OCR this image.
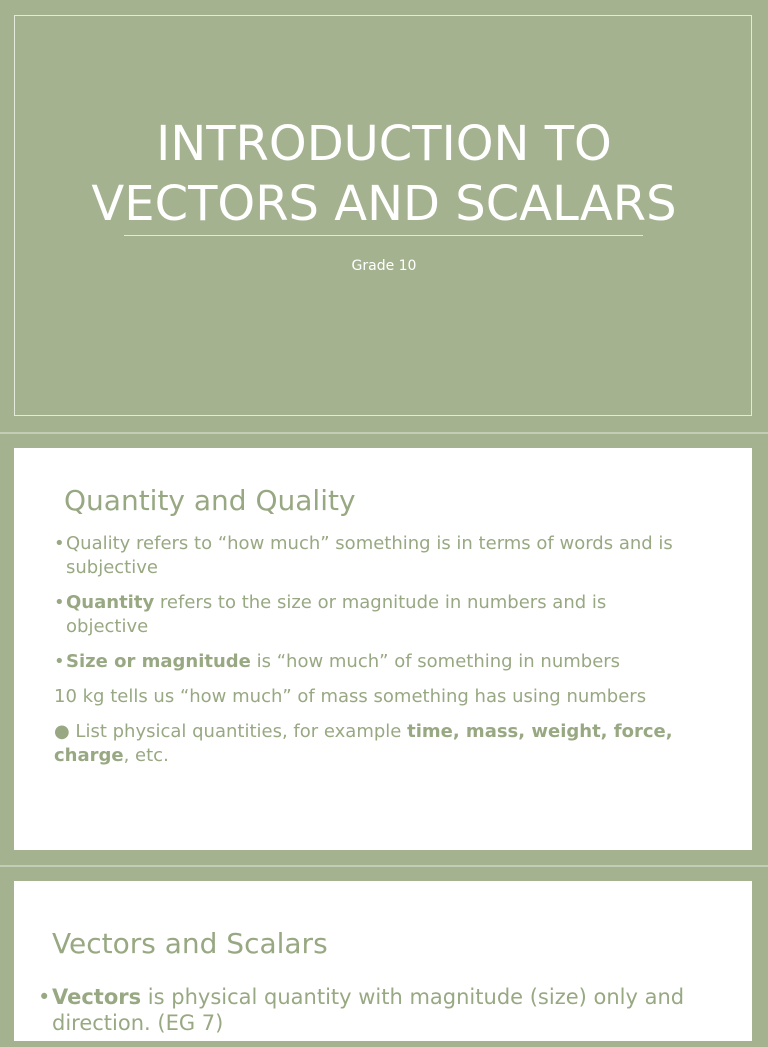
INTRODUCTION TO
VECTORS AND SCALARS
Grade 10
Quantity and Quality
• Quality refers to “how much” something is in terms of words and is subjective
• Quantity refers to the size or magnitude in numbers and is objective
• Size or magnitude is “how much” of something in numbers
10 kg tells us “how much” of mass something has using numbers
● List physical quantities, for example time, mass, weight, force, charge, etc.
Vectors and Scalars
• Vectors is physical quantity with magnitude (size) only and direction. (EG 7)
